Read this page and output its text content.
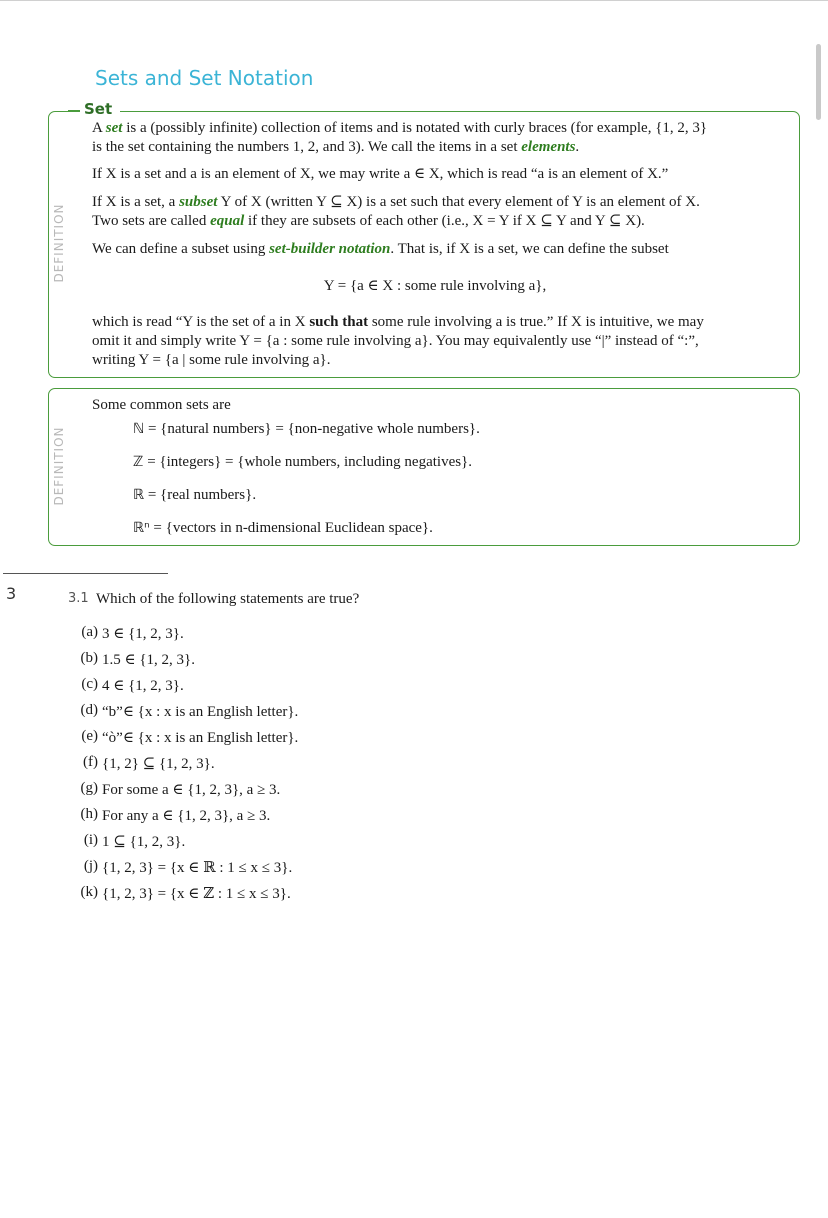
Sets and Set Notation
Set
DEFINITION
A set is a (possibly infinite) collection of items and is notated with curly braces (for example, {1, 2, 3}
is the set containing the numbers 1, 2, and 3). We call the items in a set elements.
If X is a set and a is an element of X, we may write a ∈ X, which is read “a is an element of X.”
If X is a set, a subset Y of X (written Y ⊆ X) is a set such that every element of Y is an element of X.
Two sets are called equal if they are subsets of each other (i.e., X = Y if X ⊆ Y and Y ⊆ X).
We can define a subset using set-builder notation. That is, if X is a set, we can define the subset
Y = {a ∈ X : some rule involving a},
which is read “Y is the set of a in X such that some rule involving a is true.” If X is intuitive, we may
omit it and simply write Y = {a : some rule involving a}. You may equivalently use “|” instead of “:”,
writing Y = {a | some rule involving a}.
DEFINITION
Some common sets are
ℕ = {natural numbers} = {non-negative whole numbers}.
ℤ = {integers} = {whole numbers, including negatives}.
ℝ = {real numbers}.
ℝⁿ = {vectors in n-dimensional Euclidean space}.
3	3.1 Which of the following statements are true?
(a) 3 ∈ {1, 2, 3}.
(b) 1.5 ∈ {1, 2, 3}.
(c) 4 ∈ {1, 2, 3}.
(d) “b”∈ {x : x is an English letter}.
(e) “ò”∈ {x : x is an English letter}.
(f) {1, 2} ⊆ {1, 2, 3}.
(g) For some a ∈ {1, 2, 3}, a ≥ 3.
(h) For any a ∈ {1, 2, 3}, a ≥ 3.
(i) 1 ⊆ {1, 2, 3}.
(j) {1, 2, 3} = {x ∈ ℝ : 1 ≤ x ≤ 3}.
(k) {1, 2, 3} = {x ∈ ℤ : 1 ≤ x ≤ 3}.
